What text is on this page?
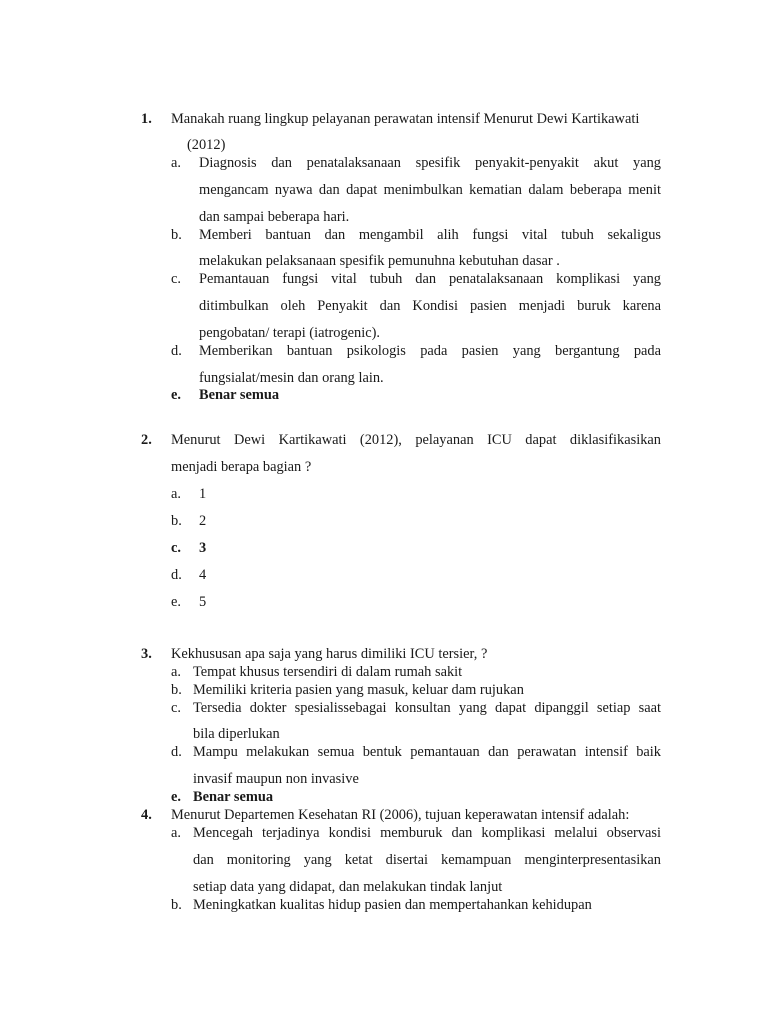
1. Manakah ruang lingkup pelayanan perawatan intensif Menurut Dewi Kartikawati
(2012)
a. Diagnosis dan penatalaksanaan spesifik penyakit-penyakit akut yang
mengancam nyawa dan dapat menimbulkan kematian dalam beberapa menit
dan sampai beberapa hari.
b. Memberi bantuan dan mengambil alih fungsi vital tubuh sekaligus
melakukan pelaksanaan spesifik pemunuhna kebutuhan dasar .
c. Pemantauan fungsi vital tubuh dan penatalaksanaan komplikasi yang
ditimbulkan oleh Penyakit dan Kondisi pasien menjadi buruk karena
pengobatan/ terapi (iatrogenic).
d. Memberikan bantuan psikologis pada pasien yang bergantung pada
fungsialat/mesin dan orang lain.
e. Benar semua
2. Menurut Dewi Kartikawati (2012), pelayanan ICU dapat diklasifikasikan
menjadi berapa bagian ?
a. 1
b. 2
c. 3
d. 4
e. 5
3. Kekhususan apa saja yang harus dimiliki ICU tersier, ?
a. Tempat khusus tersendiri di dalam rumah sakit
b. Memiliki kriteria pasien yang masuk, keluar dam rujukan
c. Tersedia dokter spesialissebagai konsultan yang dapat dipanggil setiap saat
bila diperlukan
d. Mampu melakukan semua bentuk pemantauan dan perawatan intensif baik
invasif maupun non invasive
e. Benar semua
4. Menurut Departemen Kesehatan RI (2006), tujuan keperawatan intensif adalah:
a. Mencegah terjadinya kondisi memburuk dan komplikasi melalui observasi
dan monitoring yang ketat disertai kemampuan menginterpresentasikan
setiap data yang didapat, dan melakukan tindak lanjut
b. Meningkatkan kualitas hidup pasien dan mempertahankan kehidupan
